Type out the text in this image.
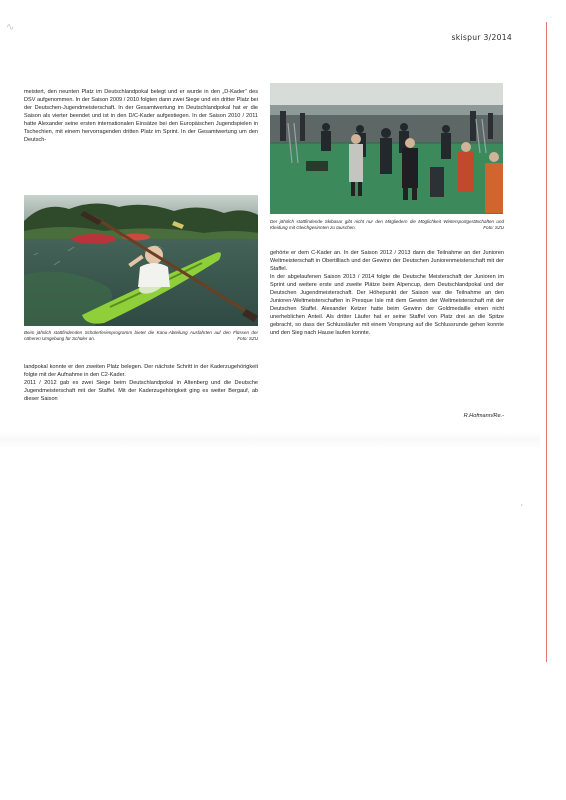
∿
skispur 3/2014

meistert, den neunten Platz im Deutschlandpokal belegt und er wurde in den „D-Kader“ des DSV aufgenommen. In der Saison 2009 / 2010 folgten dann zwei Siege und ein dritter Platz bei der Deutschen-Jugendmeisterschaft. In der Gesamtwertung im Deutschlandpokal hat er die Saison als vierter beendet und ist in den D/C-Kader aufgestiegen. In der Saison 2010 / 2011 hatte Alexander seine ersten internationalen Einsätze bei den Europäischen Jugendspielen in Tschechien, mit einem hervorragenden dritten Platz im Sprint. In der Gesamtwertung um den Deutsch-

Beim jährlich stattfindenden Schülerferienprogramm bietet die Kanu-Abteilung Ausfahrten auf den Flüssen der näheren Umgebung für Schüler an.	Foto: SZU

landpokal konnte er den zweiten Platz belegen. Der nächste Schritt in der Kaderzugehörigkeit folgte mit der Aufnahme in den C2-Kader.

2011 / 2012 gab es zwei Siege beim Deutschlandpokal in Altenberg und die Deutsche Jugendmeisterschaft mit der Staffel. Mit der Kaderzugehörigkeit ging es weiter Bergauf, ab dieser Saison

Der jährlich stattfindende Skibasar gibt nicht nur den Mitgliedern die Möglichkeit Wintersportgerätschaften und Kleidung mit Gleichgesinnten zu tauschen.	Foto: SZU

gehörte er dem C-Kader an. In der Saison 2012 / 2013 dann die Teilnahme an der Junioren Weltmeisterschaft in Obertilliach und der Gewinn der Deutschen Juniorenmeisterschaft mit der Staffel.

In der abgelaufenen Saison 2013 / 2014 folgte die Deutsche Meisterschaft der Junioren im Sprint und weitere erste und zweite Plätze beim Alpencup, dem Deutschlandpokal und der Deutschen Jugendmeisterschaft. Der Höhepunkt der Saison war die Teilnahme an den Junioren-Weltmeisterschaften in Presque Isle mit dem Gewinn der Weltmeisterschaft mit der Deutschen Staffel. Alexander Ketzer hatte beim Gewinn der Goldmedaille einen nicht unerheblichen Anteil. Als dritter Läufer hat er seine Staffel von Platz drei an die Spitze gebracht, so dass der Schlussläufer mit einem Vorsprung auf die Schlussrunde gehen konnte und den Sieg nach Hause laufen konnte.

R.Hofmann/Re.-
‘
